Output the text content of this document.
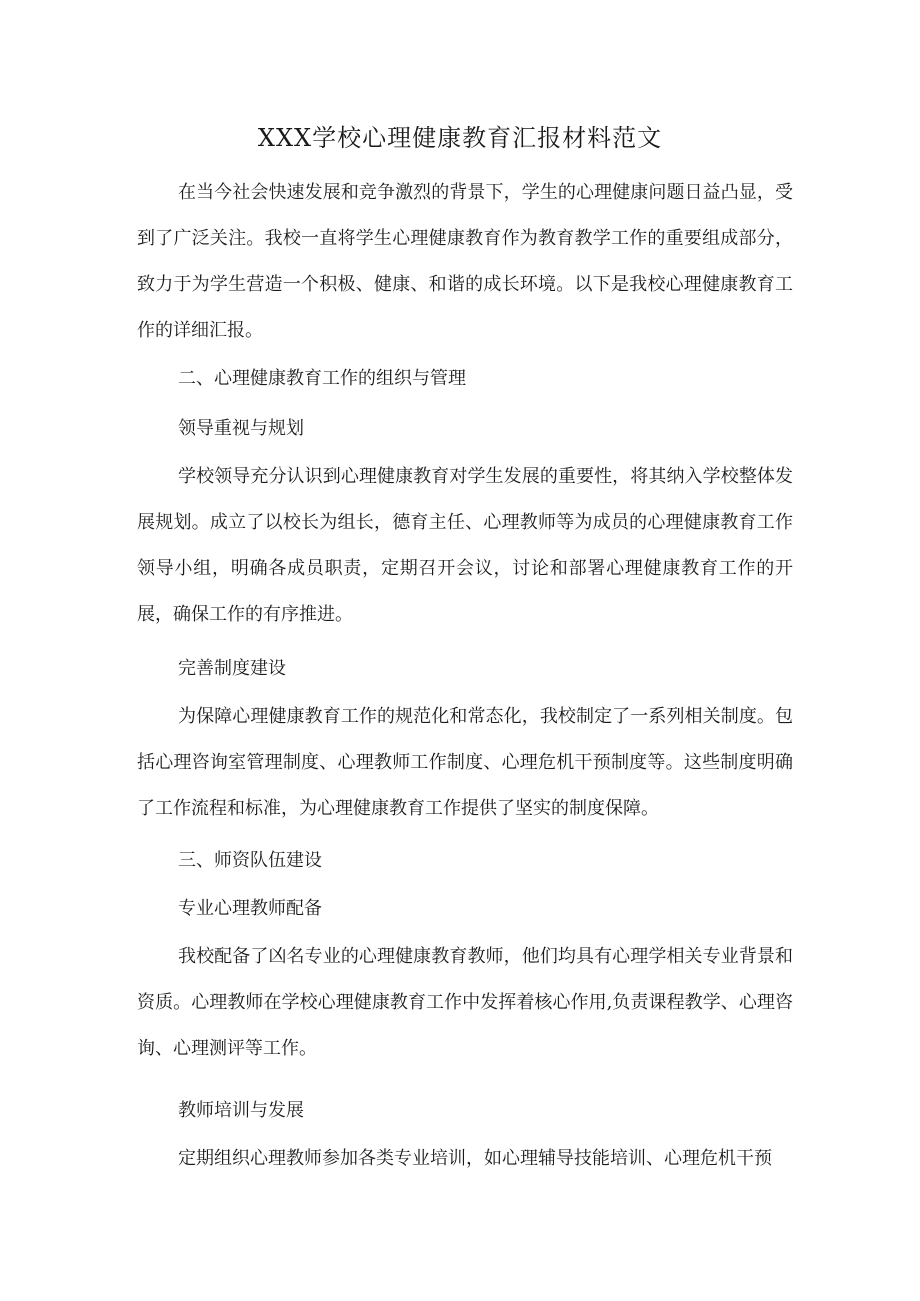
XXX学校心理健康教育汇报材料范文

在当今社会快速发展和竞争激烈的背景下，学生的心理健康问题日益凸显，受到了广泛关注。我校一直将学生心理健康教育作为教育教学工作的重要组成部分，致力于为学生营造一个积极、健康、和谐的成长环境。以下是我校心理健康教育工作的详细汇报。

二、心理健康教育工作的组织与管理

领导重视与规划

学校领导充分认识到心理健康教育对学生发展的重要性，将其纳入学校整体发展规划。成立了以校长为组长，德育主任、心理教师等为成员的心理健康教育工作领导小组，明确各成员职责，定期召开会议，讨论和部署心理健康教育工作的开展，确保工作的有序推进。

完善制度建设

为保障心理健康教育工作的规范化和常态化，我校制定了一系列相关制度。包括心理咨询室管理制度、心理教师工作制度、心理危机干预制度等。这些制度明确了工作流程和标准，为心理健康教育工作提供了坚实的制度保障。

三、师资队伍建设

专业心理教师配备

我校配备了凶名专业的心理健康教育教师，他们均具有心理学相关专业背景和资质。心理教师在学校心理健康教育工作中发挥着核心作用,负责课程教学、心理咨询、心理测评等工作。

教师培训与发展

定期组织心理教师参加各类专业培训，如心理辅导技能培训、心理危机干预
